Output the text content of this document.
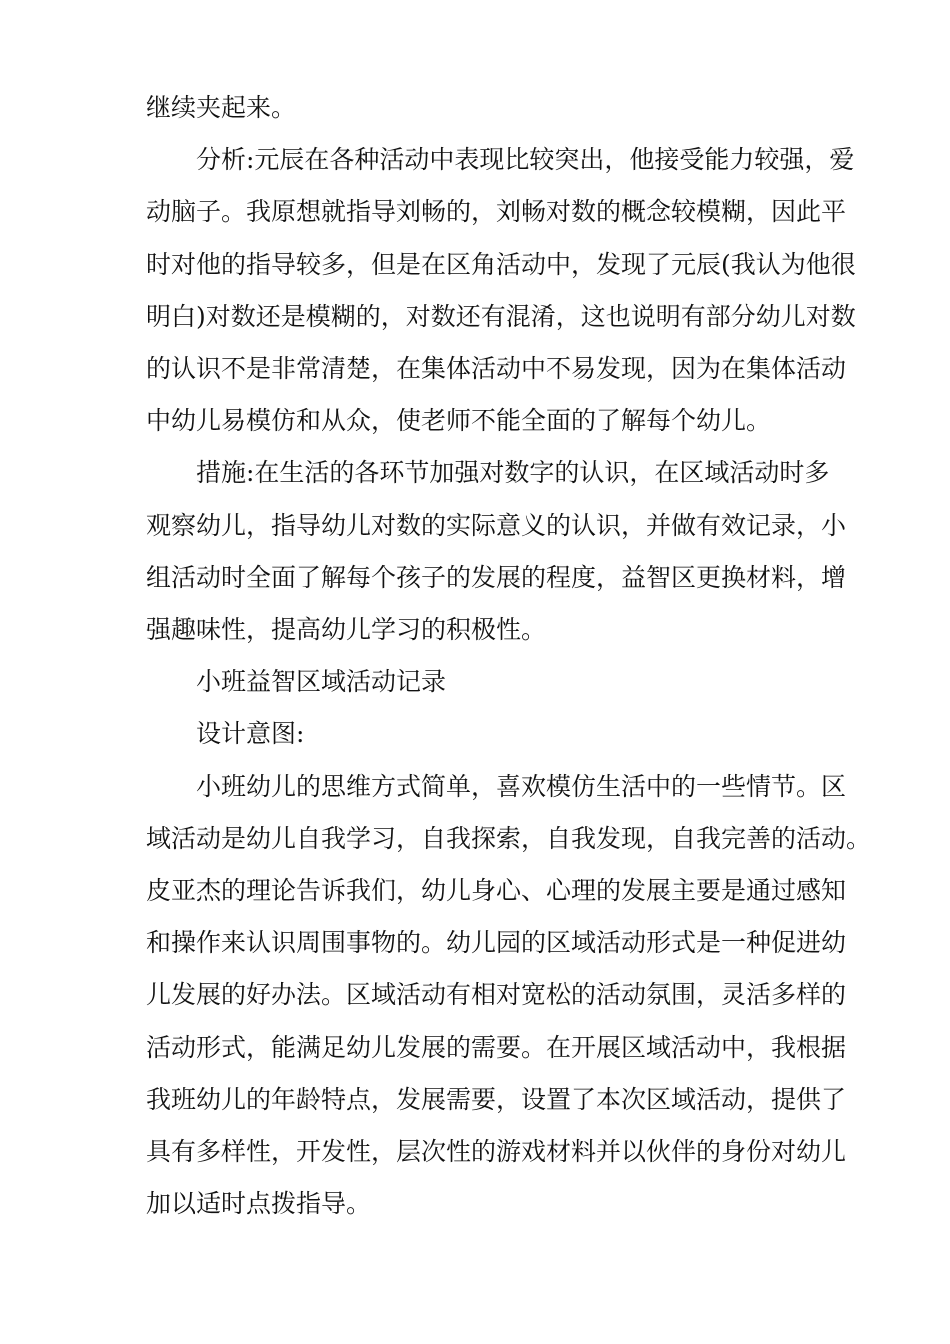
继续夹起来。
分析:元辰在各种活动中表现比较突出，他接受能力较强，爱
动脑子。我原想就指导刘畅的，刘畅对数的概念较模糊，因此平
时对他的指导较多，但是在区角活动中，发现了元辰(我认为他很
明白)对数还是模糊的，对数还有混淆，这也说明有部分幼儿对数
的认识不是非常清楚，在集体活动中不易发现，因为在集体活动
中幼儿易模仿和从众，使老师不能全面的了解每个幼儿。
措施:在生活的各环节加强对数字的认识，在区域活动时多
观察幼儿，指导幼儿对数的实际意义的认识，并做有效记录，小
组活动时全面了解每个孩子的发展的程度，益智区更换材料，增
强趣味性，提高幼儿学习的积极性。
小班益智区域活动记录
设计意图:
小班幼儿的思维方式简单，喜欢模仿生活中的一些情节。区
域活动是幼儿自我学习，自我探索，自我发现，自我完善的活动。
皮亚杰的理论告诉我们，幼儿身心、心理的发展主要是通过感知
和操作来认识周围事物的。幼儿园的区域活动形式是一种促进幼
儿发展的好办法。区域活动有相对宽松的活动氛围，灵活多样的
活动形式，能满足幼儿发展的需要。在开展区域活动中，我根据
我班幼儿的年龄特点，发展需要，设置了本次区域活动，提供了
具有多样性，开发性，层次性的游戏材料并以伙伴的身份对幼儿
加以适时点拨指导。
